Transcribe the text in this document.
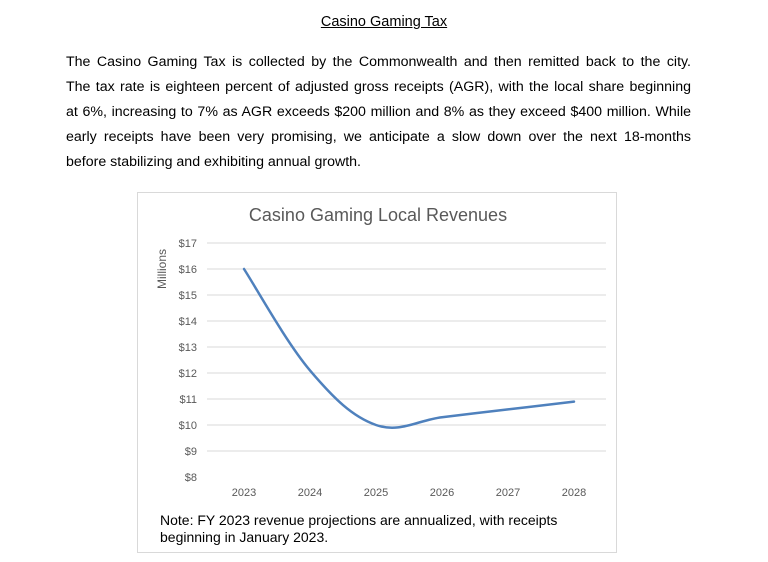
Casino Gaming Tax
The Casino Gaming Tax is collected by the Commonwealth and then remitted back to the city.
The tax rate is eighteen percent of adjusted gross receipts (AGR), with the local share beginning
at 6%, increasing to 7% as AGR exceeds $200 million and 8% as they exceed $400 million. While
early receipts have been very promising, we anticipate a slow down over the next 18-months
before stabilizing and exhibiting annual growth.
Casino Gaming Local Revenues
Millions
$17
$16
$15
$14
$13
$12
$11
$10
$9
$8
2023	2024	2025	2026	2027	2028
Note: FY 2023 revenue projections are annualized, with receipts beginning in January 2023.
